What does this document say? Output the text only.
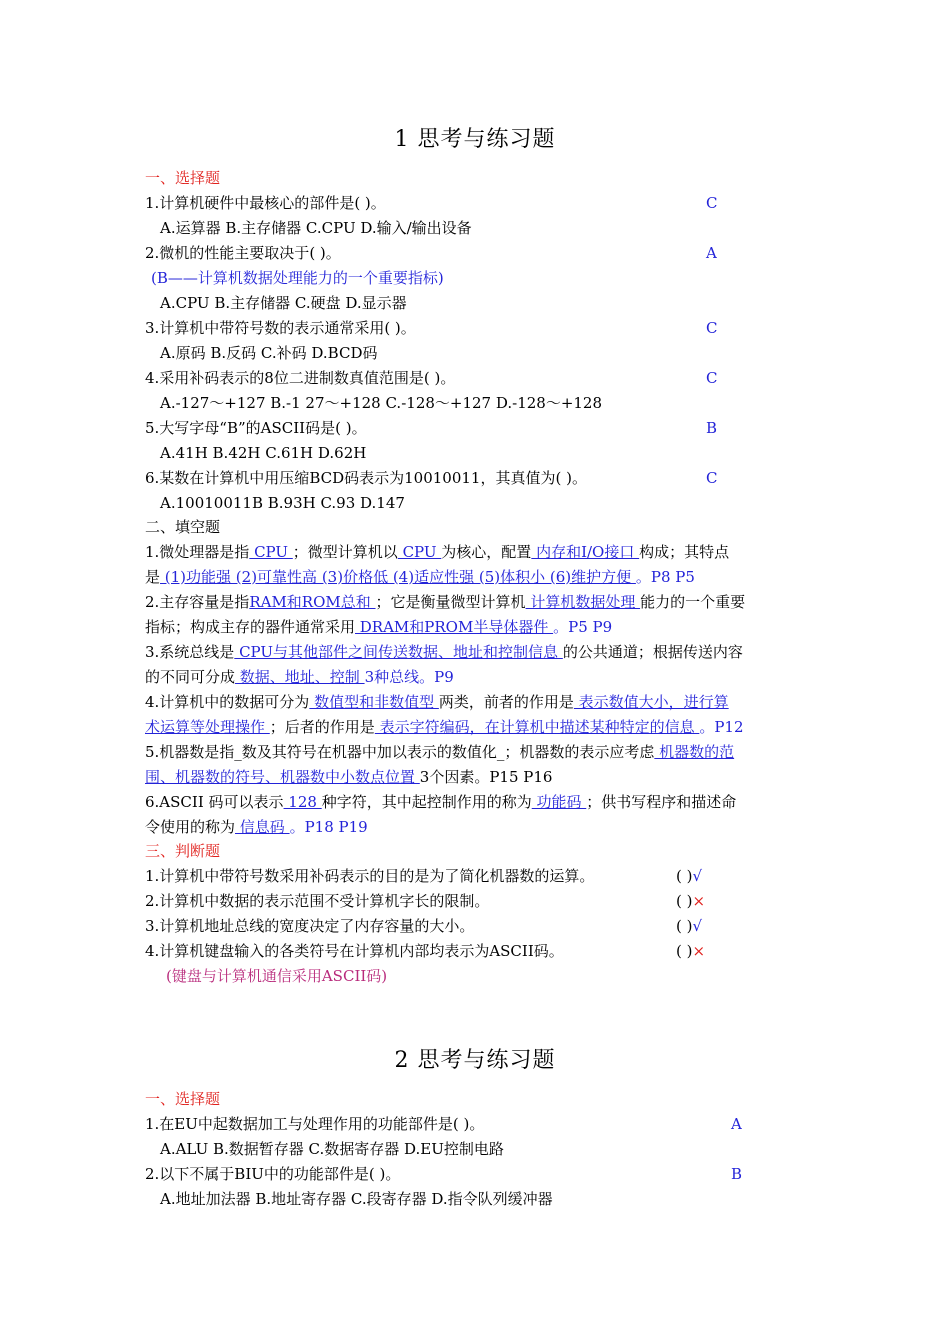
1 思考与练习题
一、选择题
1.计算机硬件中最核心的部件是( )。	C
A.运算器 B.主存储器 C.CPU D.输入/输出设备
2.微机的性能主要取决于( )。	A
(B——计算机数据处理能力的一个重要指标)
A.CPU B.主存储器 C.硬盘 D.显示器
3.计算机中带符号数的表示通常采用( )。	C
A.原码 B.反码 C.补码 D.BCD码
4.采用补码表示的8位二进制数真值范围是( )。	C
A.-127～+127 B.-1 27～+128 C.-128～+127 D.-128～+128
5.大写字母“B”的ASCII码是( )。	B
A.41H B.42H C.61H D.62H
6.某数在计算机中用压缩BCD码表示为10010011，其真值为( )。	C
A.10010011B B.93H C.93 D.147
二、填空题
1.微处理器是指 CPU ；微型计算机以 CPU 为核心，配置 内存和I/O接口 构成；其特点
是 (1)功能强 (2)可靠性高 (3)价格低 (4)适应性强 (5)体积小 (6)维护方便 。P8 P5
2.主存容量是指RAM和ROM总和 ；它是衡量微型计算机 计算机数据处理 能力的一个重要
指标；构成主存的器件通常采用 DRAM和PROM半导体器件 。P5 P9
3.系统总线是 CPU与其他部件之间传送数据、地址和控制信息 的公共通道；根据传送内容
的不同可分成 数据、地址、控制 3种总线。P9
4.计算机中的数据可分为 数值型和非数值型 两类，前者的作用是 表示数值大小，进行算
术运算等处理操作 ；后者的作用是 表示字符编码，在计算机中描述某种特定的信息 。P12
5.机器数是指_数及其符号在机器中加以表示的数值化_；机器数的表示应考虑 机器数的范
围、机器数的符号、机器数中小数点位置 3个因素。P15 P16
6.ASCII 码可以表示 128 种字符，其中起控制作用的称为 功能码 ；供书写程序和描述命
令使用的称为 信息码 。P18 P19
三、判断题
1.计算机中带符号数采用补码表示的目的是为了简化机器数的运算。	( )√
2.计算机中数据的表示范围不受计算机字长的限制。	( )×
3.计算机地址总线的宽度决定了内存容量的大小。	( )√
4.计算机键盘输入的各类符号在计算机内部均表示为ASCII码。	( )×
(键盘与计算机通信采用ASCII码)
2 思考与练习题
一、选择题
1.在EU中起数据加工与处理作用的功能部件是( )。	A
A.ALU B.数据暂存器 C.数据寄存器 D.EU控制电路
2.以下不属于BIU中的功能部件是( )。	B
A.地址加法器 B.地址寄存器 C.段寄存器 D.指令队列缓冲器
